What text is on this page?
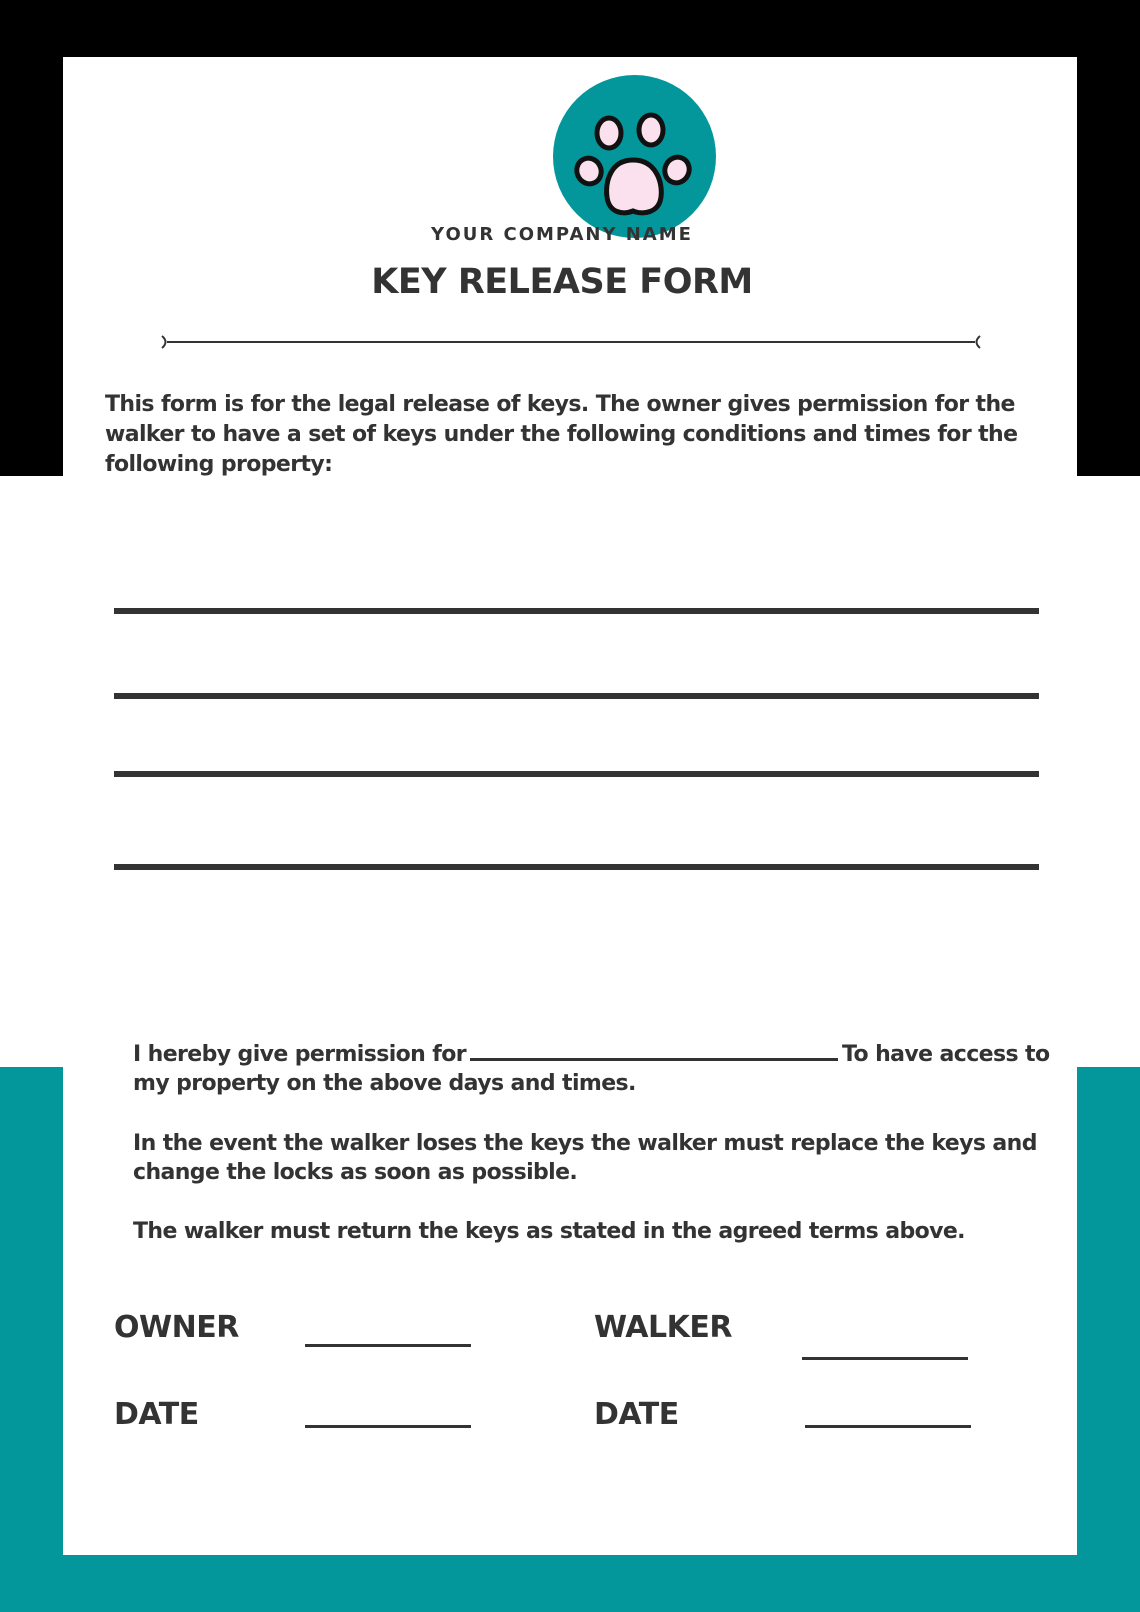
YOUR COMPANY NAME
KEY RELEASE FORM
This form is for the legal release of keys. The owner gives permission for the walker to have a set of keys under the following conditions and times for the following property:

I hereby give permission for	To have access to my property on the above days and times.

In the event the walker loses the keys the walker must replace the keys and change the locks as soon as possible.

The walker must return the keys as stated in the agreed terms above.

OWNER	WALKER
DATE	DATE
